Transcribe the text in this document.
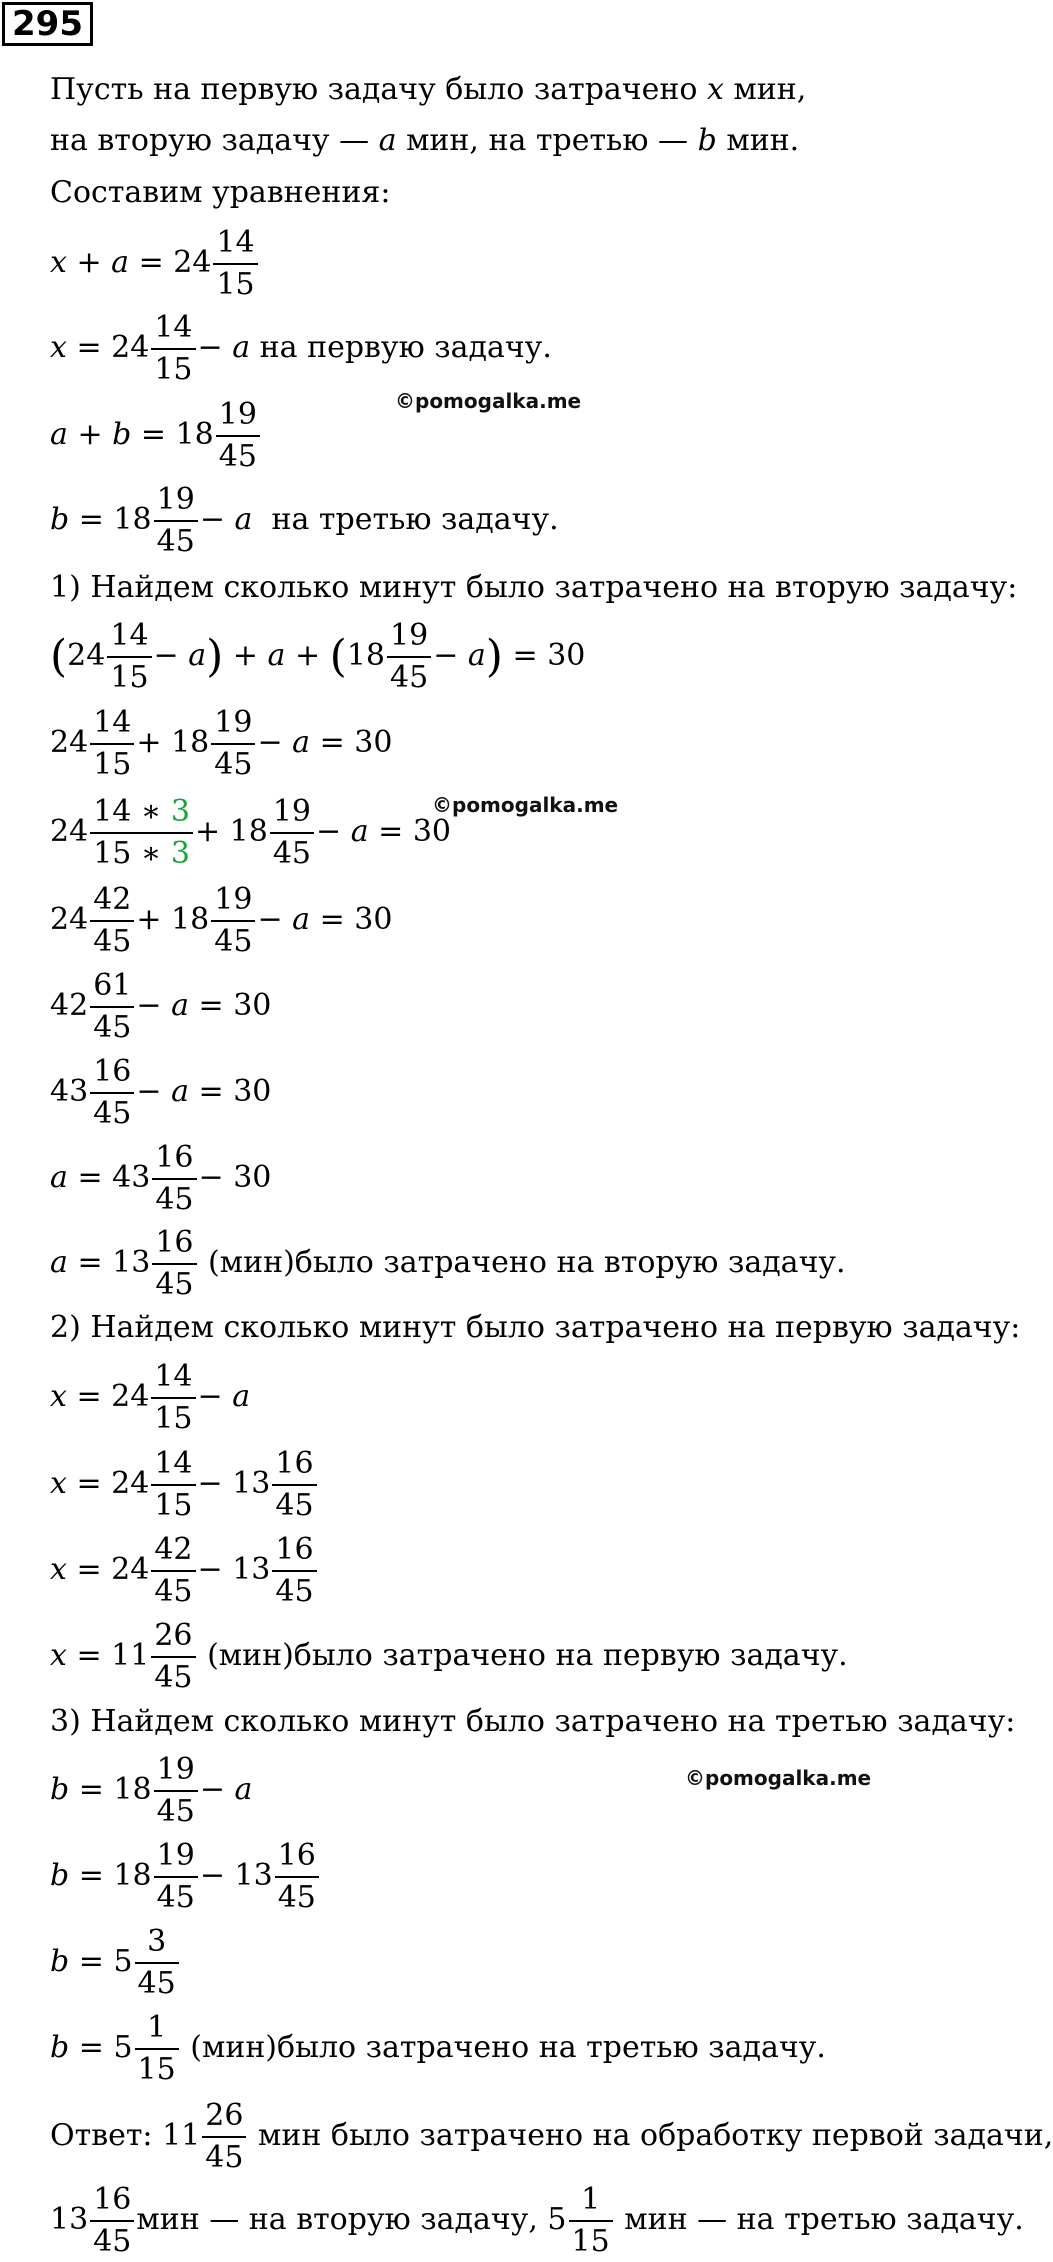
295
Пусть на первую задачу было затрачено x мин,
на вторую задачу — a мин, на третью — b мин.
Составим уравнения:
$x + a = 24 \frac{14}{15}$
$x = 24 \frac{14}{15} - a$ на первую задачу.
©pomogalka.me
$a + b = 18 \frac{19}{45}$
$b = 18 \frac{19}{45} - a$ на третью задачу.
1) Найдем сколько минут было затрачено на вторую задачу:
$(24 \frac{14}{15} - a) + a + (18 \frac{19}{45} - a) = 30$
$24 \frac{14}{15} + 18 \frac{19}{45} - a = 30$
©pomogalka.me
$24 \frac{14 ∗ 3}{15 ∗ 3} + 18 \frac{19}{45} - a = 30$
$24 \frac{42}{45} + 18 \frac{19}{45} - a = 30$
$42 \frac{61}{45} - a = 30$
$43 \frac{16}{45} - a = 30$
$a = 43 \frac{16}{45} - 30$
$a = 13 \frac{16}{45}$ (мин)было затрачено на вторую задачу.
2) Найдем сколько минут было затрачено на первую задачу:
$x = 24 \frac{14}{15} - a$
$x = 24 \frac{14}{15} - 13 \frac{16}{45}$
$x = 24 \frac{42}{45} - 13 \frac{16}{45}$
$x = 11 \frac{26}{45}$ (мин)было затрачено на первую задачу.
3) Найдем сколько минут было затрачено на третью задачу:
©pomogalka.me
$b = 18 \frac{19}{45} - a$
$b = 18 \frac{19}{45} - 13 \frac{16}{45}$
$b = 5 \frac{3}{45}$
$b = 5 \frac{1}{15}$ (мин)было затрачено на третью задачу.
Ответ: $11 \frac{26}{45}$ мин было затрачено на обработку первой задачи,
$13 \frac{16}{45}$ мин — на вторую задачу, $5 \frac{1}{15}$ мин — на третью задачу.
